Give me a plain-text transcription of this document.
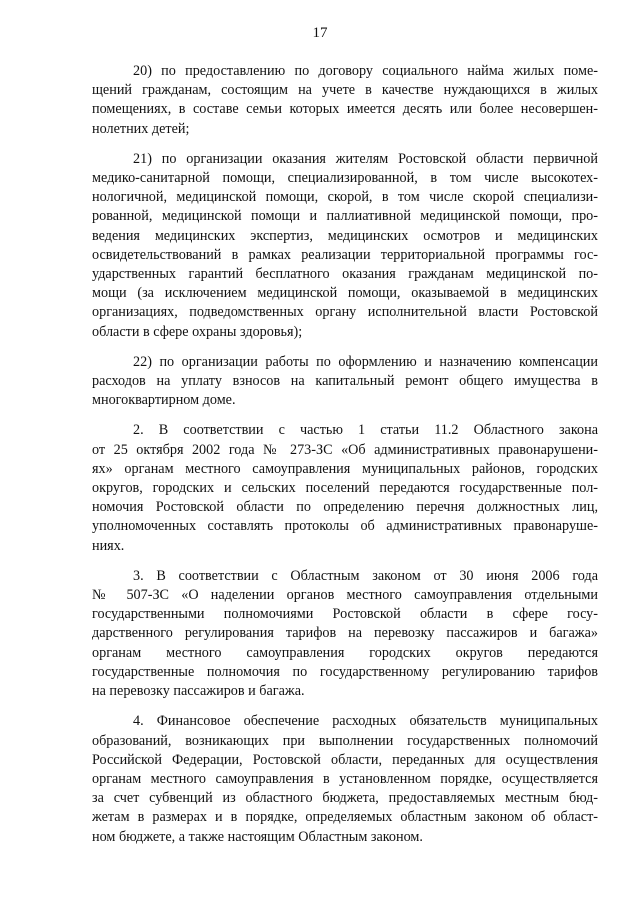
17

20) по предоставлению по договору социального найма жилых поме-
щений гражданам, состоящим на учете в качестве нуждающихся в жилых
помещениях, в составе семьи которых имеется десять или более несовершен-
нолетних детей;

21) по организации оказания жителям Ростовской области первичной
медико-санитарной помощи, специализированной, в том числе высокотех-
нологичной, медицинской помощи, скорой, в том числе скорой специализи-
рованной, медицинской помощи и паллиативной медицинской помощи, про-
ведения медицинских экспертиз, медицинских осмотров и медицинских
освидетельствований в рамках реализации территориальной программы гос-
ударственных гарантий бесплатного оказания гражданам медицинской по-
мощи (за исключением медицинской помощи, оказываемой в медицинских
организациях, подведомственных органу исполнительной власти Ростовской
области в сфере охраны здоровья);

22) по организации работы по оформлению и назначению компенсации
расходов на уплату взносов на капитальный ремонт общего имущества в
многоквартирном доме.

2. В соответствии с частью 1 статьи 11.2 Областного закона
от 25 октября 2002 года № 273-ЗС «Об административных правонарушени-
ях» органам местного самоуправления муниципальных районов, городских
округов, городских и сельских поселений передаются государственные пол-
номочия Ростовской области по определению перечня должностных лиц,
уполномоченных составлять протоколы об административных правонаруше-
ниях.

3. В соответствии с Областным законом от 30 июня 2006 года
№ 507-ЗС «О наделении органов местного самоуправления отдельными
государственными полномочиями Ростовской области в сфере госу-
дарственного регулирования тарифов на перевозку пассажиров и багажа»
органам местного самоуправления городских округов передаются
государственные полномочия по государственному регулированию тарифов
на перевозку пассажиров и багажа.

4. Финансовое обеспечение расходных обязательств муниципальных
образований, возникающих при выполнении государственных полномочий
Российской Федерации, Ростовской области, переданных для осуществления
органам местного самоуправления в установленном порядке, осуществляется
за счет субвенций из областного бюджета, предоставляемых местным бюд-
жетам в размерах и в порядке, определяемых областным законом об област-
ном бюджете, а также настоящим Областным законом.
